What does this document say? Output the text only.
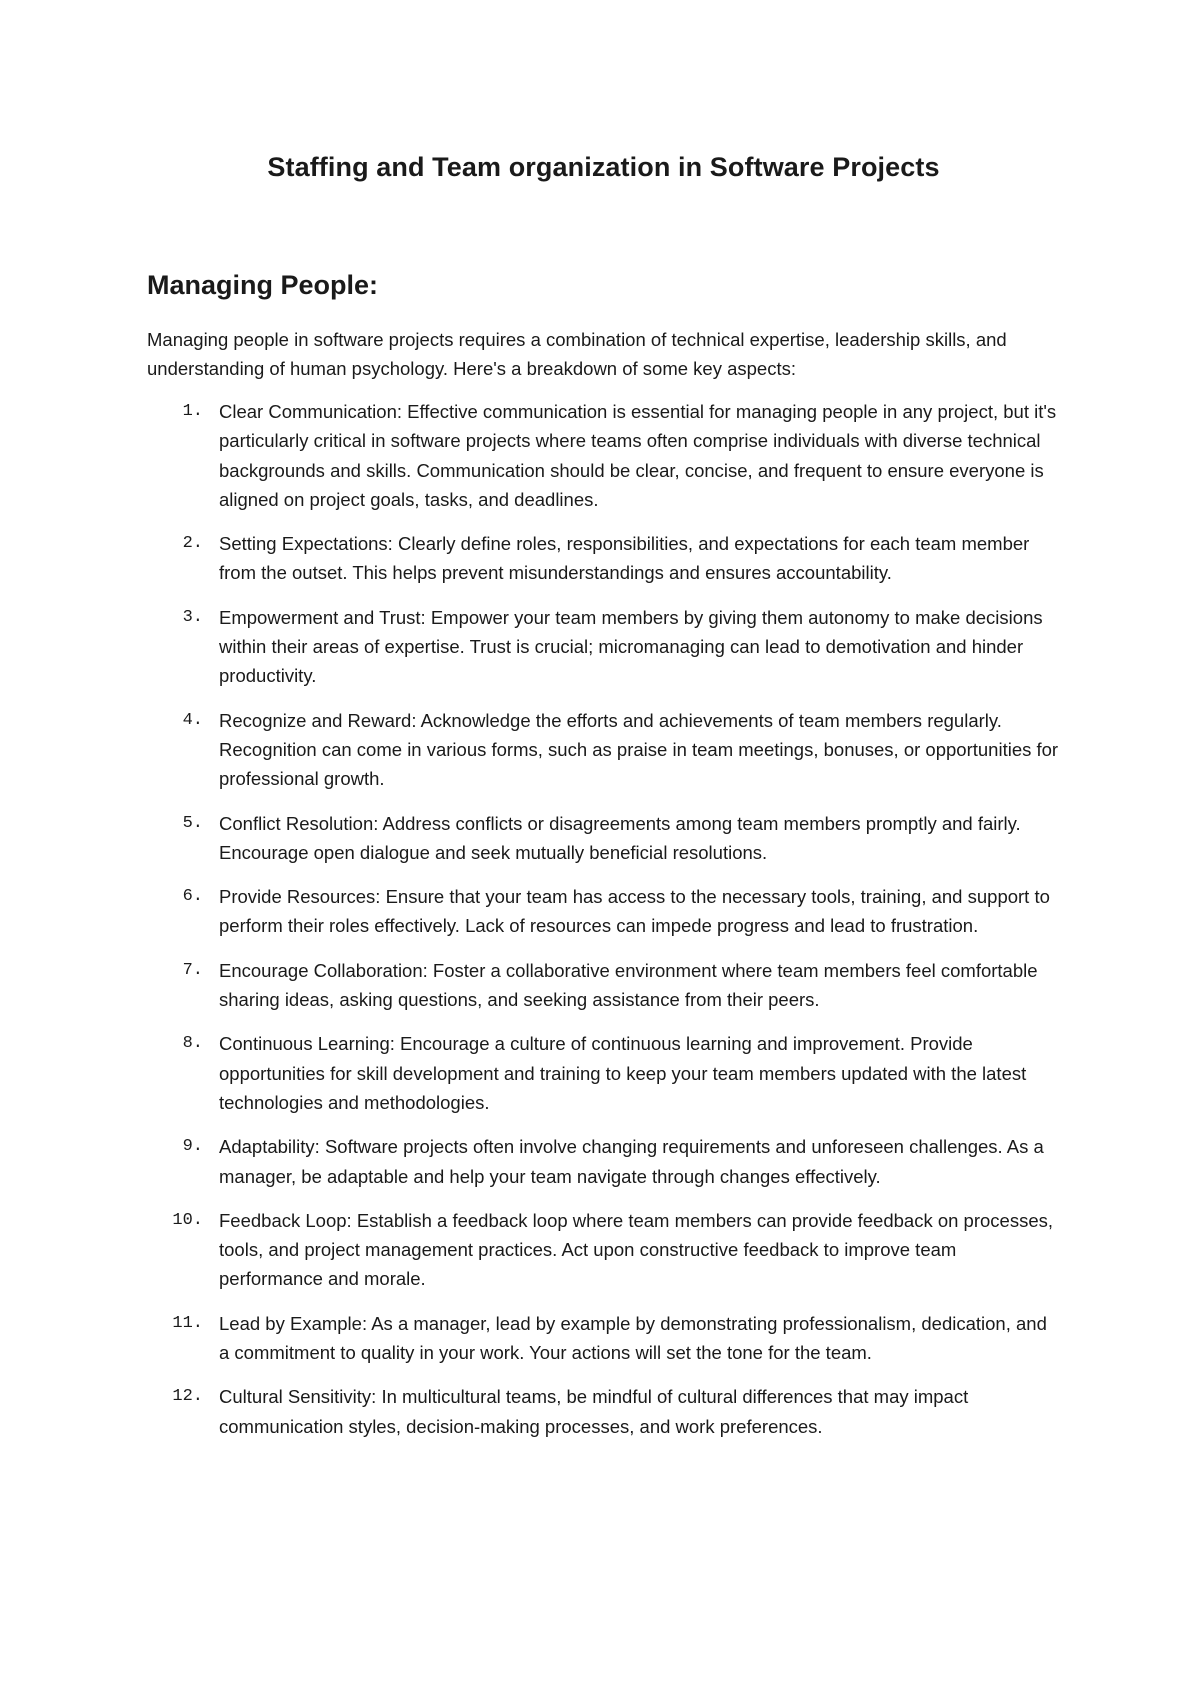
Staffing and Team organization in Software Projects
Managing People:

Managing people in software projects requires a combination of technical expertise, leadership skills, and understanding of human psychology. Here's a breakdown of some key aspects:

1. Clear Communication : Effective communication is essential for managing people in any project, but it's particularly critical in software projects where teams often comprise individuals with diverse technical backgrounds and skills. Communication should be clear, concise, and frequent to ensure everyone is aligned on project goals, tasks, and deadlines.
2. Setting Expectations : Clearly define roles, responsibilities, and expectations for each team member from the outset. This helps prevent misunderstandings and ensures accountability.
3. Empowerment and Trust : Empower your team members by giving them autonomy to make decisions within their areas of expertise. Trust is crucial; micromanaging can lead to demotivation and hinder productivity.
4. Recognize and Reward : Acknowledge the efforts and achievements of team members regularly. Recognition can come in various forms, such as praise in team meetings, bonuses, or opportunities for professional growth.
5. Conflict Resolution : Address conflicts or disagreements among team members promptly and fairly. Encourage open dialogue and seek mutually beneficial resolutions.
6. Provide Resources : Ensure that your team has access to the necessary tools, training, and support to perform their roles effectively. Lack of resources can impede progress and lead to frustration.
7. Encourage Collaboration : Foster a collaborative environment where team members feel comfortable sharing ideas, asking questions, and seeking assistance from their peers.
8. Continuous Learning : Encourage a culture of continuous learning and improvement. Provide opportunities for skill development and training to keep your team members updated with the latest technologies and methodologies.
9. Adaptability : Software projects often involve changing requirements and unforeseen challenges. As a manager, be adaptable and help your team navigate through changes effectively.
10. Feedback Loop : Establish a feedback loop where team members can provide feedback on processes, tools, and project management practices. Act upon constructive feedback to improve team performance and morale.
11. Lead by Example : As a manager, lead by example by demonstrating professionalism, dedication, and a commitment to quality in your work. Your actions will set the tone for the team.
12. Cultural Sensitivity : In multicultural teams, be mindful of cultural differences that may impact communication styles, decision-making processes, and work preferences.
